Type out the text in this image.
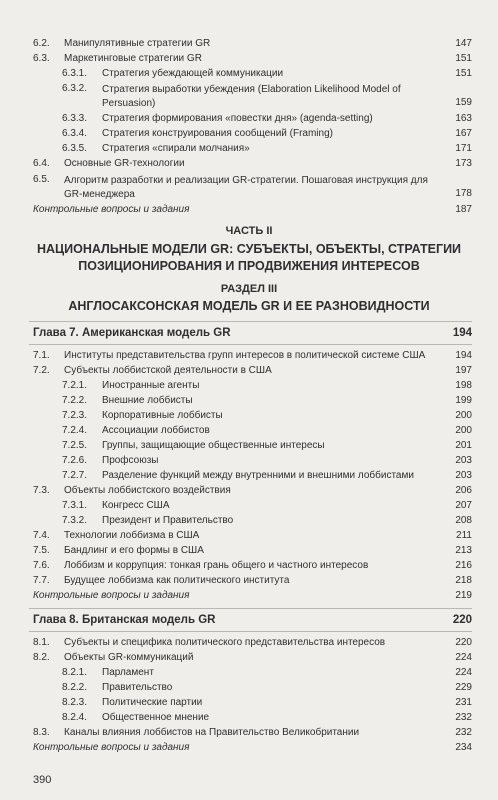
6.2. Манипулятивные стратегии GR	147
6.3. Маркетинговые стратегии GR	151
6.3.1. Стратегия убеждающей коммуникации	151
6.3.2. Стратегия выработки убеждения (Elaboration Likelihood Model of Persuasion)	159
6.3.3. Стратегия формирования «повестки дня» (agenda-setting)	163
6.3.4. Стратегия конструирования сообщений (Framing)	167
6.3.5. Стратегия «спирали молчания»	171
6.4. Основные GR-технологии	173
6.5. Алгоритм разработки и реализации GR-стратегии. Пошаговая инструкция для GR-менеджера	178
Контрольные вопросы и задания	187
ЧАСТЬ II
НАЦИОНАЛЬНЫЕ МОДЕЛИ GR: СУБЪЕКТЫ, ОБЪЕКТЫ, СТРАТЕГИИ
ПОЗИЦИОНИРОВАНИЯ И ПРОДВИЖЕНИЯ ИНТЕРЕСОВ
РАЗДЕЛ III
АНГЛОСАКСОНСКАЯ МОДЕЛЬ GR И ЕЕ РАЗНОВИДНОСТИ
Глава 7. Американская модель GR	194
7.1. Институты представительства групп интересов в политической системе США	194
7.2. Субъекты лоббистской деятельности в США	197
7.2.1. Иностранные агенты	198
7.2.2. Внешние лоббисты	199
7.2.3. Корпоративные лоббисты	200
7.2.4. Ассоциации лоббистов	200
7.2.5. Группы, защищающие общественные интересы	201
7.2.6. Профсоюзы	203
7.2.7. Разделение функций между внутренними и внешними лоббистами	203
7.3. Объекты лоббистского воздействия	206
7.3.1. Конгресс США	207
7.3.2. Президент и Правительство	208
7.4. Технологии лоббизма в США	211
7.5. Бандлинг и его формы в США	213
7.6. Лоббизм и коррупция: тонкая грань общего и частного интересов	216
7.7. Будущее лоббизма как политического института	218
Контрольные вопросы и задания	219
Глава 8. Британская модель GR	220
8.1. Субъекты и специфика политического представительства интересов	220
8.2. Объекты GR-коммуникаций	224
8.2.1. Парламент	224
8.2.2. Правительство	229
8.2.3. Политические партии	231
8.2.4. Общественное мнение	232
8.3. Каналы влияния лоббистов на Правительство Великобритании	232
Контрольные вопросы и задания	234
390
